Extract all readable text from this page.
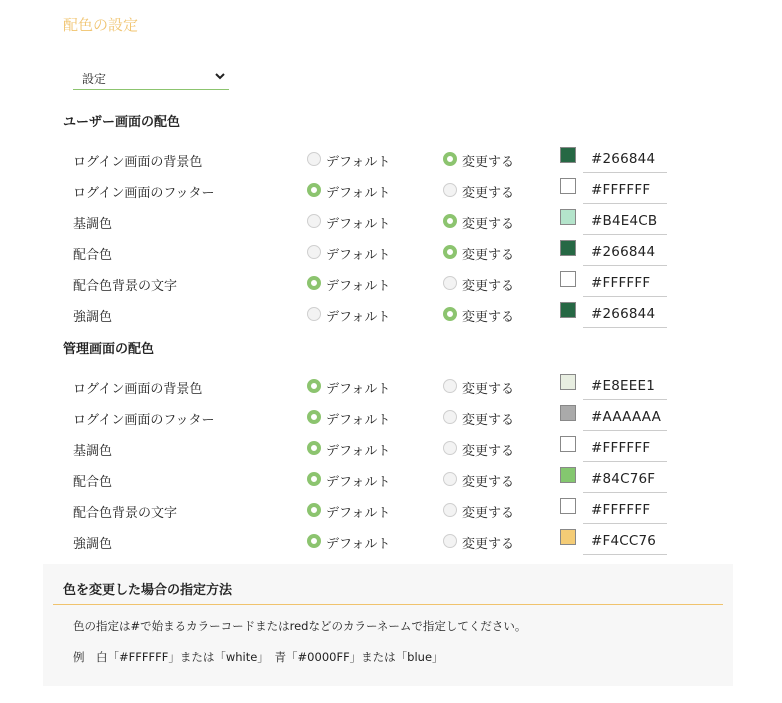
配色の設定
設定
ユーザー画面の配色
管理画面の配色
ログイン画面の背景色	デフォルト	変更する	#266844
ログイン画面のフッター	デフォルト	変更する	#FFFFFF
基調色	デフォルト	変更する	#B4E4CB
配合色	デフォルト	変更する	#266844
配合色背景の文字	デフォルト	変更する	#FFFFFF
強調色	デフォルト	変更する	#266844
ログイン画面の背景色	デフォルト	変更する	#E8EEE1
ログイン画面のフッター	デフォルト	変更する	#AAAAAA
基調色	デフォルト	変更する	#FFFFFF
配合色	デフォルト	変更する	#84C76F
配合色背景の文字	デフォルト	変更する	#FFFFFF
強調色	デフォルト	変更する	#F4CC76
色を変更した場合の指定方法
色の指定は#で始まるカラーコードまたはredなどのカラーネームで指定してください。
例　白「#FFFFFF」または「white」　青「#0000FF」または「blue」
